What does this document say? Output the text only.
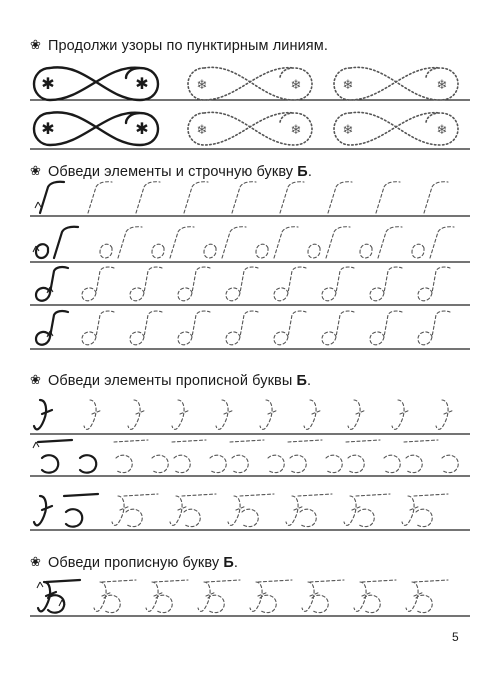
❀ Продолжи узоры по пунктирным линиям.
❀ Обведи элементы и строчную букву Б.
❀ Обведи элементы прописной буквы Б.
❀ Обведи прописную букву Б.
✱	✱	❄	❄	❄	❄
✱	✱	❄	❄	❄	❄
5
